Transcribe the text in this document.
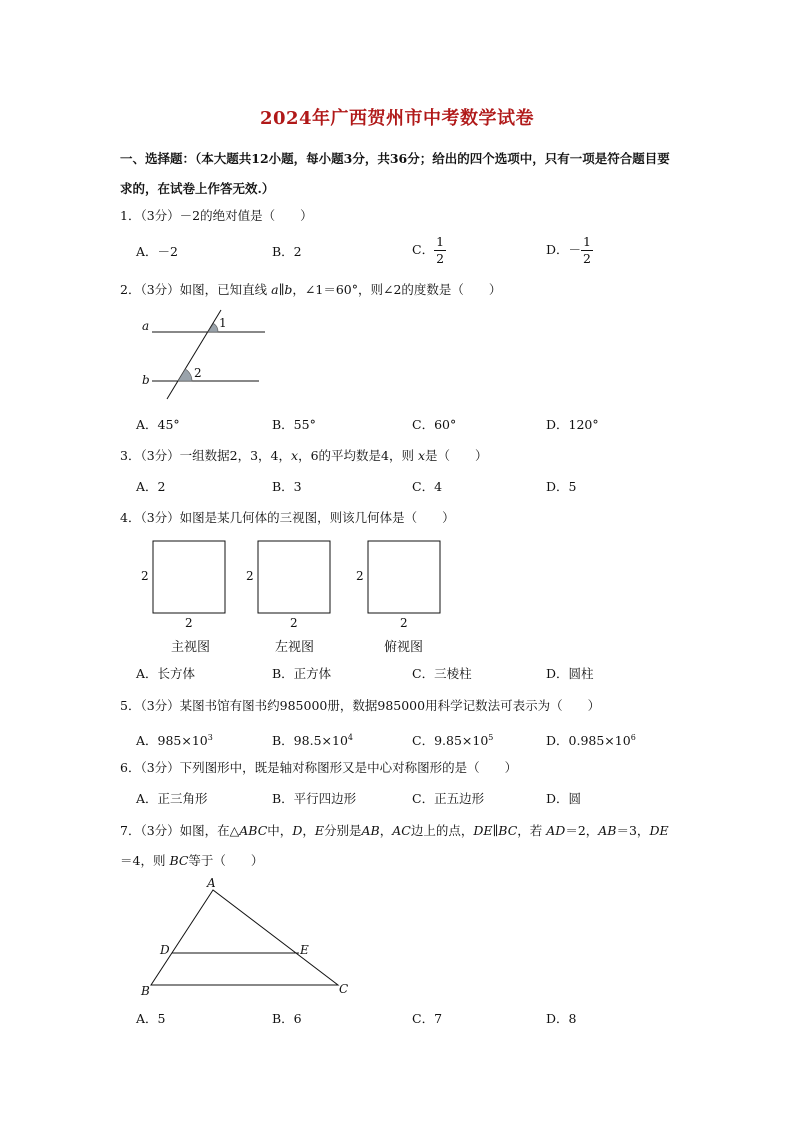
2024年广西贺州市中考数学试卷
一、选择题：（本大题共12小题，每小题3分，共36分；给出的四个选项中，只有一项是符合题目要求的，在试卷上作答无效.）
1．（3分）－2的绝对值是（　　）
A．－2	B．2	C． $\frac{1}{2}$	D．－ $\frac{1}{2}$
2．（3分）如图，已知直线 a∥b，∠1＝60°，则∠2的度数是（　　）
a
b
1
2
A．45°	B．55°	C．60°	D．120°
3．（3分）一组数据2，3，4，x，6的平均数是4，则 x是（　　）
A．2	B．3	C．4	D．5
4．（3分）如图是某几何体的三视图，则该几何体是（　　）
2
2
主视图
2
2
左视图
2
2
俯视图
A．长方体	B．正方体	C．三棱柱	D．圆柱
5．（3分）某图书馆有图书约985000册，数据985000用科学记数法可表示为（　　）
A．$985\times 10^3$	B．$98.5\times 10^4$	C．$9.85\times 10^5$	D．$0.985\times 10^6$
6．（3分）下列图形中，既是轴对称图形又是中心对称图形的是（　　）
A．正三角形	B．平行四边形	C．正五边形	D．圆
7．（3分）如图，在△ABC中，D，E分别是AB，AC边上的点，DE∥BC，若 AD＝2，AB＝3，DE＝4，则 BC等于（　　）
A
B	C
D	E
A．5	B．6	C．7	D．8
